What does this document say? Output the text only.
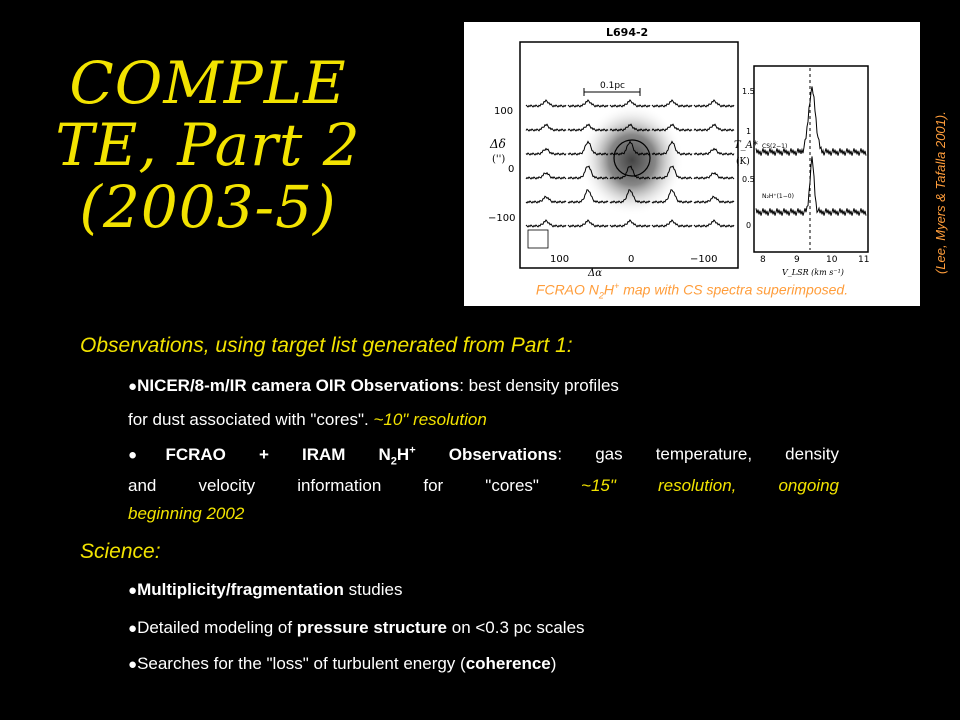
COMPLE
TE, Part 2
(2003-5)
0.1pc
L694-2
Δδ
('')
100
0
−100
100	0	−100
Δα
CS(2−1)
N₂H⁺(1−0)
T_A*
(K)
1.5
1
0.5
0
8	9	10 11
V_LSR (km s⁻¹)
FCRAO $N_2H^+$ map with CS spectra superimposed.
(Lee, Myers & Tafalla 2001).
Observations, using target list generated from Part 1:
●NICER/8-m/IR camera OIR Observations: best density profiles
for dust associated with "cores". ~10" resolution
●FCRAO + IRAM $N_2H^+$ Observations: gas temperature, density
and velocity information for "cores" ~15" resolution, ongoing
beginning 2002
Science:
●Multiplicity/fragmentation studies
●Detailed modeling of pressure structure on <0.3 pc scales
●Searches for the "loss" of turbulent energy (coherence)
